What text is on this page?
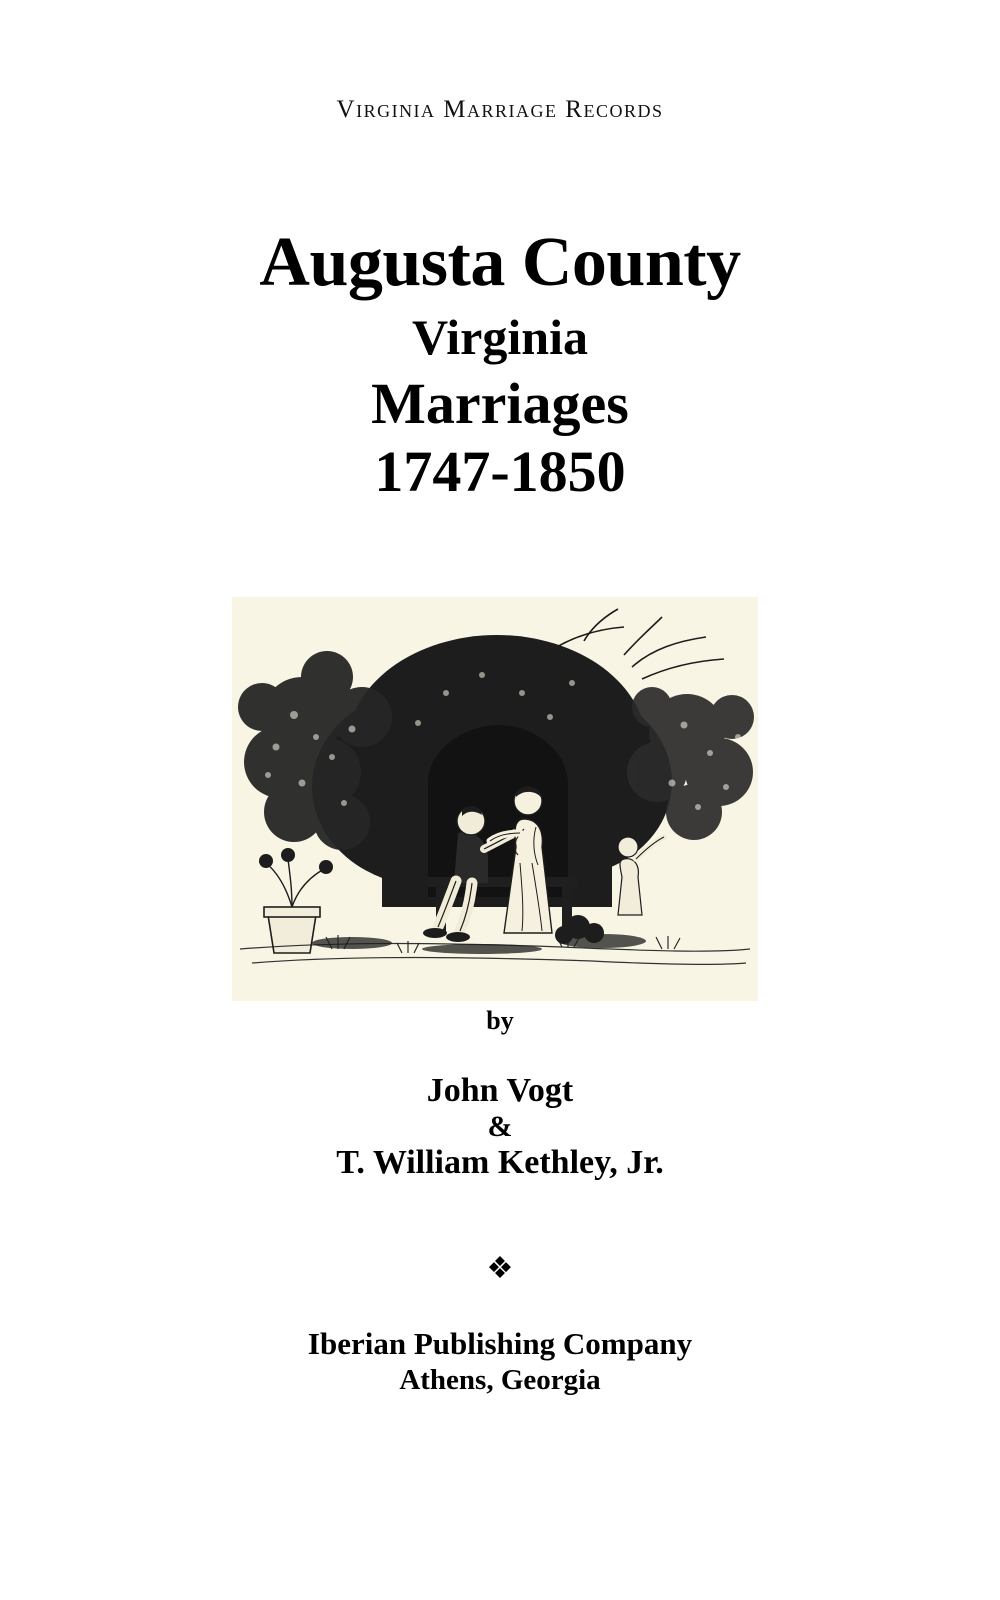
Virginia Marriage Records
Augusta County
Virginia
Marriages
1747-1850
by
John Vogt
&
T. William Kethley, Jr.
❖
Iberian Publishing Company
Athens, Georgia
